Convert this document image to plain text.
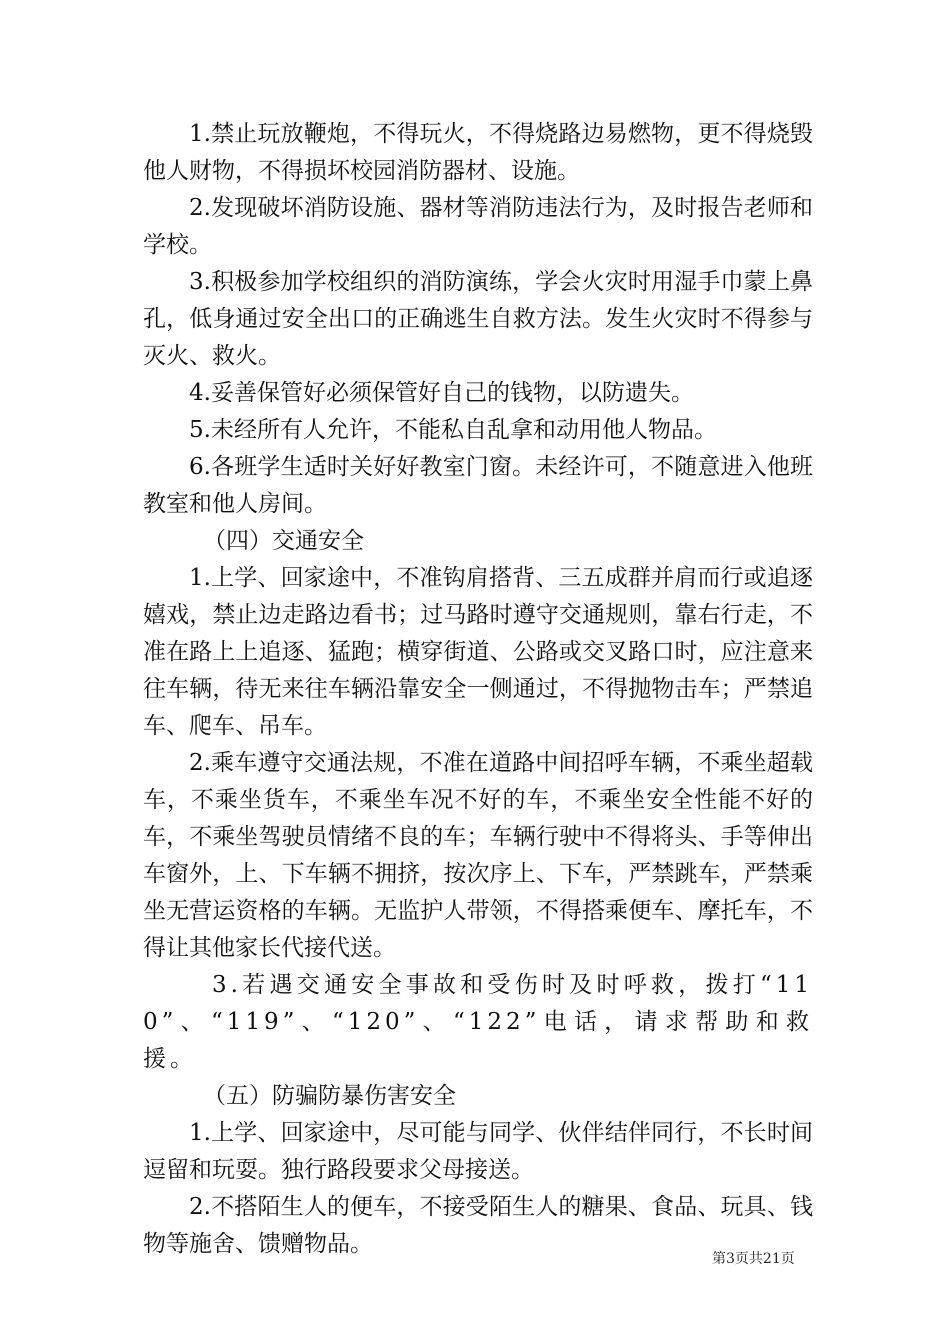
1.禁止玩放鞭炮，不得玩火，不得烧路边易燃物，更不得烧毁他人财物，不得损坏校园消防器材、设施。

2.发现破坏消防设施、器材等消防违法行为，及时报告老师和学校。

3.积极参加学校组织的消防演练，学会火灾时用湿手巾蒙上鼻孔，低身通过安全出口的正确逃生自救方法。发生火灾时不得参与灭火、救火。

4.妥善保管好必须保管好自己的钱物，以防遗失。

5.未经所有人允许，不能私自乱拿和动用他人物品。

6.各班学生适时关好好教室门窗。未经许可，不随意进入他班教室和他人房间。

（四）交通安全

1.上学、回家途中，不准钩肩搭背、三五成群并肩而行或追逐嬉戏，禁止边走路边看书；过马路时遵守交通规则，靠右行走，不准在路上上追逐、猛跑；横穿街道、公路或交叉路口时，应注意来往车辆，待无来往车辆沿靠安全一侧通过，不得抛物击车；严禁追车、爬车、吊车。

2.乘车遵守交通法规，不准在道路中间招呼车辆，不乘坐超载车，不乘坐货车，不乘坐车况不好的车，不乘坐安全性能不好的车，不乘坐驾驶员情绪不良的车；车辆行驶中不得将头、手等伸出车窗外，上、下车辆不拥挤，按次序上、下车，严禁跳车，严禁乘坐无营运资格的车辆。无监护人带领，不得搭乘便车、摩托车，不得让其他家长代接代送。

3.若遇交通安全事故和受伤时及时呼救，拨打“110”、“119”、“120”、“122”电话，请求帮助和救援。

（五）防骗防暴伤害安全

1.上学、回家途中，尽可能与同学、伙伴结伴同行，不长时间逗留和玩耍。独行路段要求父母接送。

2.不搭陌生人的便车，不接受陌生人的糖果、食品、玩具、钱物等施舍、馈赠物品。

第3页共21页
